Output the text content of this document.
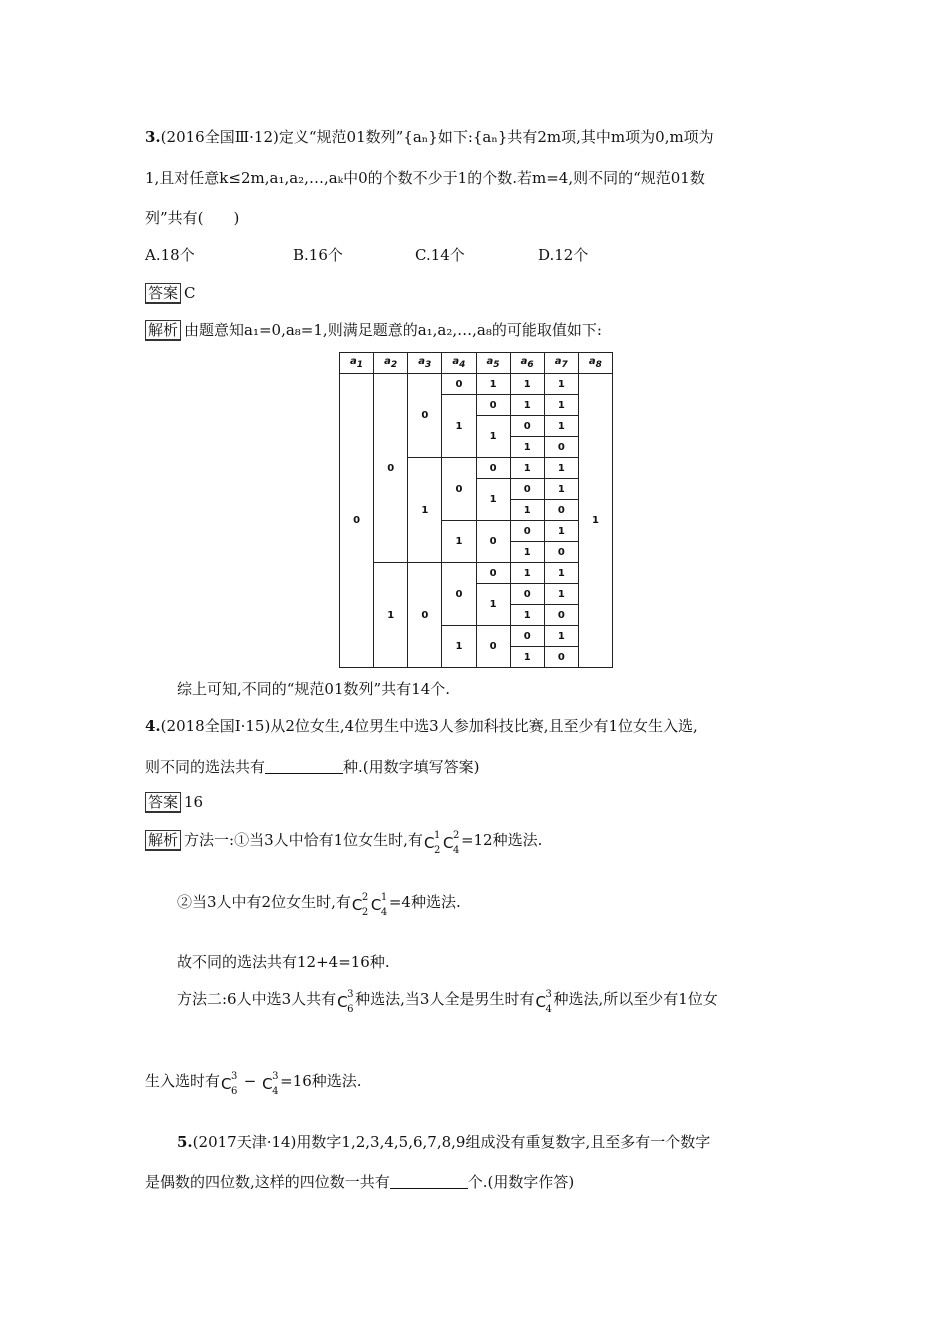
3.(2016全国Ⅲ·12)定义“规范01数列”{aₙ}如下:{aₙ}共有2m项,其中m项为0,m项为
1,且对任意k≤2m,a₁,a₂,…,aₖ中0的个数不少于1的个数.若m=4,则不同的“规范01数
列”共有(　　)
A.18个	B.16个	C.14个	D.12个
答案 C
解析 由题意知a₁=0,a₈=1,则满足题意的a₁,a₂,…,a₈的可能取值如下:
$a_1$	$a_2$	$a_3$	$a_4$	$a_5$	$a_6$	$a_7$	$a_8$
0	0	0	0	1	1	1	1
			1	0	1	1	
				1	0	1	
					1	0	
		1	0	0	1	1	
				1	0	1	
					1	0	
			1	0	0	1	
					1	0	
	1	0	0	0	1	1	
				1	0	1	
					1	0	
			1	0	0	1	
					1	0	
综上可知,不同的“规范01数列”共有14个.
4.(2018全国Ⅰ·15)从2位女生,4位男生中选3人参加科技比赛,且至少有1位女生入选,
则不同的选法共有	种.(用数字填写答案)
答案 16
解析 方法一:①当3人中恰有1位女生时,有 C 1
2 C 2
4
=12种选法.
②当3人中有2位女生时,有 C 2
2 C 1
4
=4种选法.
故不同的选法共有12+4=16种.
方法二:6人中选3人共有 C 3
6
种选法,当3人全是男生时有 C 3
4
种选法,所以至少有1位女
生入选时有 C 3
6
− C 3
4
=16种选法.
5.(2017天津·14)用数字1,2,3,4,5,6,7,8,9组成没有重复数字,且至多有一个数字
是偶数的四位数,这样的四位数一共有	个.(用数字作答)
